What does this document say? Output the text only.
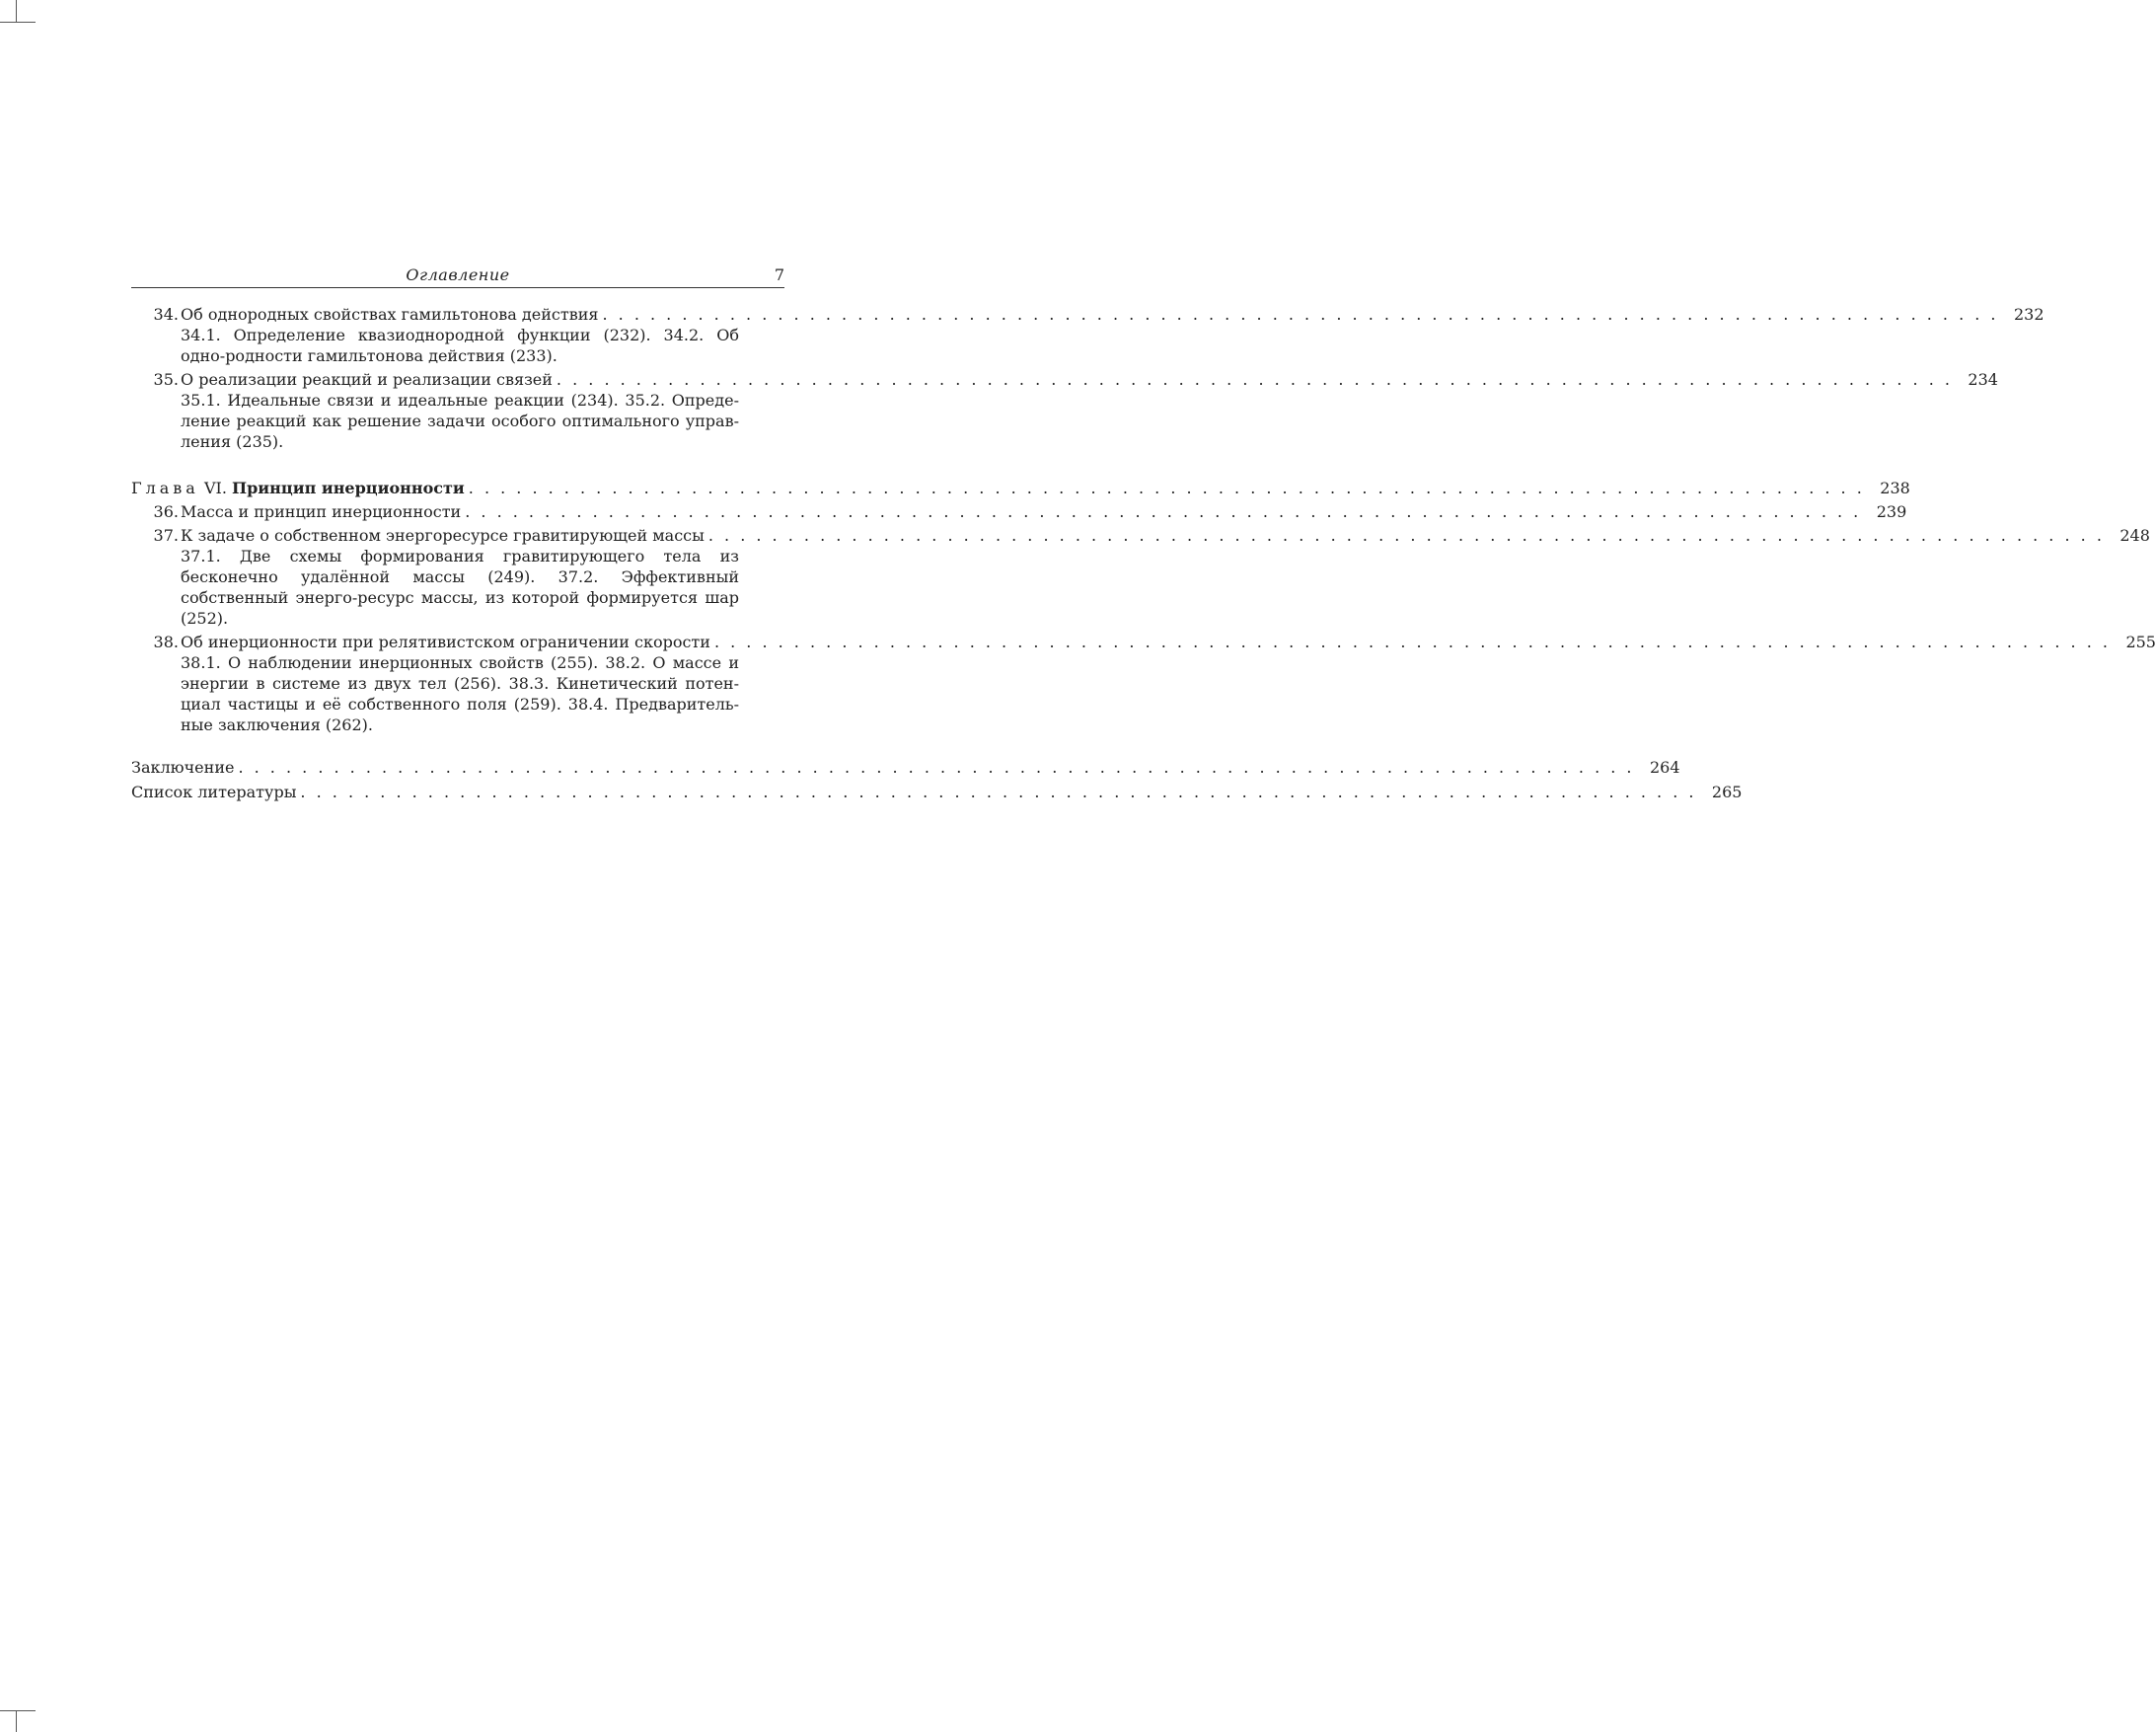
Оглавление	7
34. Об однородных свойствах гамильтонова действия . . . . . . . . . . . . . . . . . . . . . . . . . . . . . . . . . . . . . . . . . . . . . . . . . . . . . . . . . . . . . . . . . . . . . . . . . . . . . . . . . . . . . . . . 232
34.1. Определение квазиоднородной функции (232). 34.2. Об одно-родности гамильтонова действия (233).
35. О реализации реакций и реализации связей . . . . . . . . . . . . . . . . . . . . . . . . . . . . . . . . . . . . . . . . . . . . . . . . . . . . . . . . . . . . . . . . . . . . . . . . . . . . . . . . . . . . . . . . 234
35.1. Идеальные связи и идеальные реакции (234). 35.2. Опреде-ление реакций как решение задачи особого оптимального управ-ления (235).
Глава VI. Принцип инерционности . . . . . . . . . . . . . . . . . . . . . . . . . . . . . . . . . . . . . . . . . . . . . . . . . . . . . . . . . . . . . . . . . . . . . . . . . . . . . . . . . . . . . . . . 238
36. Масса и принцип инерционности . . . . . . . . . . . . . . . . . . . . . . . . . . . . . . . . . . . . . . . . . . . . . . . . . . . . . . . . . . . . . . . . . . . . . . . . . . . . . . . . . . . . . . . . 239
37. К задаче о собственном энергоресурсе гравитирующей массы . . . . . . . . . . . . . . . . . . . . . . . . . . . . . . . . . . . . . . . . . . . . . . . . . . . . . . . . . . . . . . . . . . . . . . . . . . . . . . . . . . . . . . . . 248
37.1. Две схемы формирования гравитирующего тела из бесконечно удалённой массы (249). 37.2. Эффективный собственный энерго-ресурс массы, из которой формируется шар (252).
38. Об инерционности при релятивистском ограничении скорости . . . . . . . . . . . . . . . . . . . . . . . . . . . . . . . . . . . . . . . . . . . . . . . . . . . . . . . . . . . . . . . . . . . . . . . . . . . . . . . . . . . . . . . . 255
38.1. О наблюдении инерционных свойств (255). 38.2. О массе и энергии в системе из двух тел (256). 38.3. Кинетический потен-циал частицы и её собственного поля (259). 38.4. Предваритель-ные заключения (262).
Заключение . . . . . . . . . . . . . . . . . . . . . . . . . . . . . . . . . . . . . . . . . . . . . . . . . . . . . . . . . . . . . . . . . . . . . . . . . . . . . . . . . . . . . . . . 264
Список литературы . . . . . . . . . . . . . . . . . . . . . . . . . . . . . . . . . . . . . . . . . . . . . . . . . . . . . . . . . . . . . . . . . . . . . . . . . . . . . . . . . . . . . . . . 265
